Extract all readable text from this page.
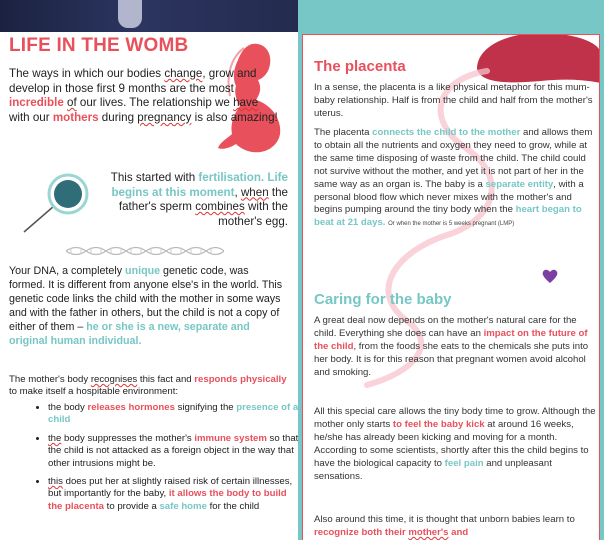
LIFE IN THE WOMB

The ways in which our bodies change, grow and develop in those first 9 months are the most incredible of our lives. The relationship we have with our mothers during pregnancy is also amazing!

This started with fertilisation. Life begins at this moment, when the father's sperm combines with the mother's egg.

Your DNA, a completely unique genetic code, was formed. It is different from anyone else's in the world. This genetic code links the child with the mother in some ways and with the father in others, but the child is not a copy of either of them – he or she is a new, separate and original human individual.

The mother's body recognises this fact and responds physically to make itself a hospitable environment:

• the body releases hormones signifying the presence of a child
• the body suppresses the mother's immune system so that the child is not attacked as a foreign object in the way that other intrusions might be.
• this does put her at slightly raised risk of certain illnesses, but importantly for the baby, it allows the body to build the placenta to provide a safe home for the child
The placenta

In a sense, the placenta is a like physical metaphor for this mum-baby relationship. Half is from the child and half from the mother's uterus.

The placenta connects the child to the mother and allows them to obtain all the nutrients and oxygen they need to grow, while at the same time disposing of waste from the child. The child could not survive without the mother, and yet it is not part of her in the same way as an organ is. The baby is a separate entity, with a personal blood flow which never mixes with the mother's and begins pumping around the tiny body when the heart began to beat at 21 days. Or when the mother is 5 weeks pregnant (LMP)

Caring for the baby

A great deal now depends on the mother's natural care for the child. Everything she does can have an impact on the future of the child, from the foods she eats to the chemicals she puts into her body. It is for this reason that pregnant women avoid alcohol and smoking.

All this special care allows the tiny body time to grow. Although the mother only starts to feel the baby kick at around 16 weeks, he/she has already been kicking and moving for a month. According to some scientists, shortly after this the child begins to have the biological capacity to feel pain and unpleasant sensations.

Also around this time, it is thought that unborn babies learn to recognize both their mother's and
